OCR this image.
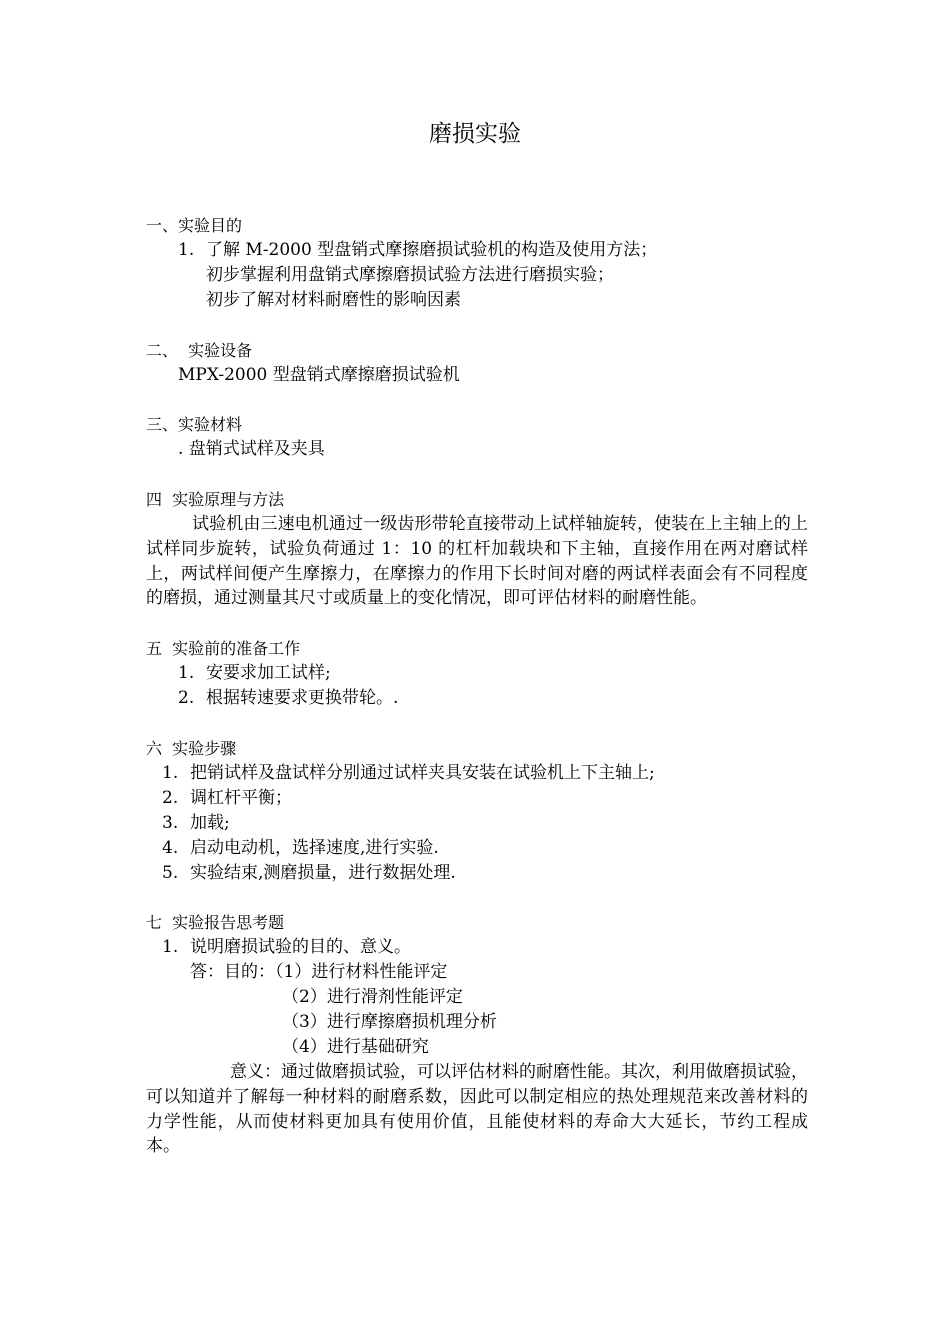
磨损实验
一、实验目的
1. 了解 M-2000 型盘销式摩擦磨损试验机的构造及使用方法；
初步掌握利用盘销式摩擦磨损试验方法进行磨损实验；
初步了解对材料耐磨性的影响因素
二、  实验设备
MPX-2000 型盘销式摩擦磨损试验机
三、实验材料
. 盘销式试样及夹具
四  实验原理与方法
试验机由三速电机通过一级齿形带轮直接带动上试样轴旋转，使装在上主轴上的上试样同步旋转，试验负荷通过 1：10 的杠杆加载块和下主轴，直接作用在两对磨试样上，两试样间便产生摩擦力，在摩擦力的作用下长时间对磨的两试样表面会有不同程度的磨损，通过测量其尺寸或质量上的变化情况，即可评估材料的耐磨性能。
五  实验前的准备工作
1. 安要求加工试样;
2. 根据转速要求更换带轮。.
六  实验步骤
1. 把销试样及盘试样分别通过试样夹具安装在试验机上下主轴上;
2. 调杠杆平衡；
3. 加载;
4. 启动电动机，选择速度,进行实验.
5. 实验结束,测磨损量，进行数据处理.
七  实验报告思考题
1. 说明磨损试验的目的、意义。
答：目的：（1）进行材料性能评定
（2）进行滑剂性能评定
（3）进行摩擦磨损机理分析
（4）进行基础研究
意义：通过做磨损试验，可以评估材料的耐磨性能。其次，利用做磨损试验，可以知道并了解每一种材料的耐磨系数，因此可以制定相应的热处理规范来改善材料的力学性能，从而使材料更加具有使用价值，且能使材料的寿命大大延长，节约工程成本。
